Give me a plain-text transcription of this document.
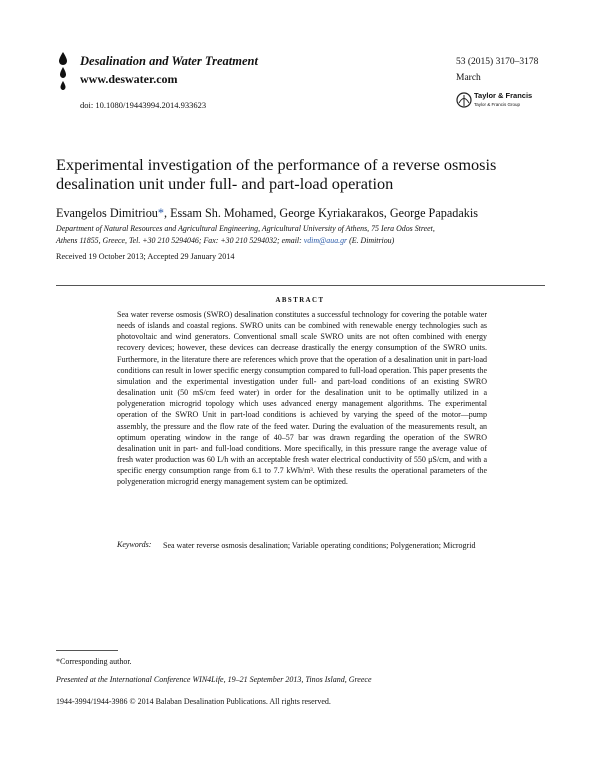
Desalination and Water Treatment
www.deswater.com
doi: 10.1080/19443994.2014.933623
53 (2015) 3170–3178
March
Taylor & Francis
Taylor & Francis Group
Experimental investigation of the performance of a reverse osmosis desalination unit under full- and part-load operation
Evangelos Dimitriou*, Essam Sh. Mohamed, George Kyriakarakos, George Papadakis
Department of Natural Resources and Agricultural Engineering, Agricultural University of Athens, 75 Iera Odos Street,
Athens 11855, Greece, Tel. +30 210 5294046; Fax: +30 210 5294032; email: vdim@aua.gr (E. Dimitriou)
Received 19 October 2013; Accepted 29 January 2014
ABSTRACT
Sea water reverse osmosis (SWRO) desalination constitutes a successful technology for covering the potable water needs of islands and coastal regions. SWRO units can be combined with renewable energy technologies such as photovoltaic and wind generators. Conventional small scale SWRO units are not often combined with energy recovery devices; however, these devices can decrease drastically the energy consumption of the SWRO units. Furthermore, in the literature there are references which prove that the operation of a desalination unit in part-load conditions can result in lower specific energy consumption compared to full-load operation. This paper presents the simulation and the experimental investigation under full- and part-load conditions of an existing SWRO desalination unit (50 mS/cm feed water) in order for the desalination unit to be optimally utilized in a polygeneration microgrid topology which uses advanced energy management algorithms. The experimental operation of the SWRO Unit in part-load conditions is achieved by varying the speed of the motor—pump assembly, the pressure and the flow rate of the feed water. During the evaluation of the measurements result, an optimum operating window in the range of 40–57 bar was drawn regarding the operation of the SWRO desalination unit in part- and full-load conditions. More specifically, in this pressure range the average value of fresh water production was 60 L/h with an acceptable fresh water electrical conductivity of 550 μS/cm, and with a specific energy consumption range from 6.1 to 7.7 kWh/m³. With these results the operational parameters of the polygeneration microgrid energy management system can be optimized.
Keywords: Sea water reverse osmosis desalination; Variable operating conditions; Polygeneration; Microgrid
*Corresponding author.
Presented at the International Conference WIN4Life, 19–21 September 2013, Tinos Island, Greece
1944-3994/1944-3986 © 2014 Balaban Desalination Publications. All rights reserved.
